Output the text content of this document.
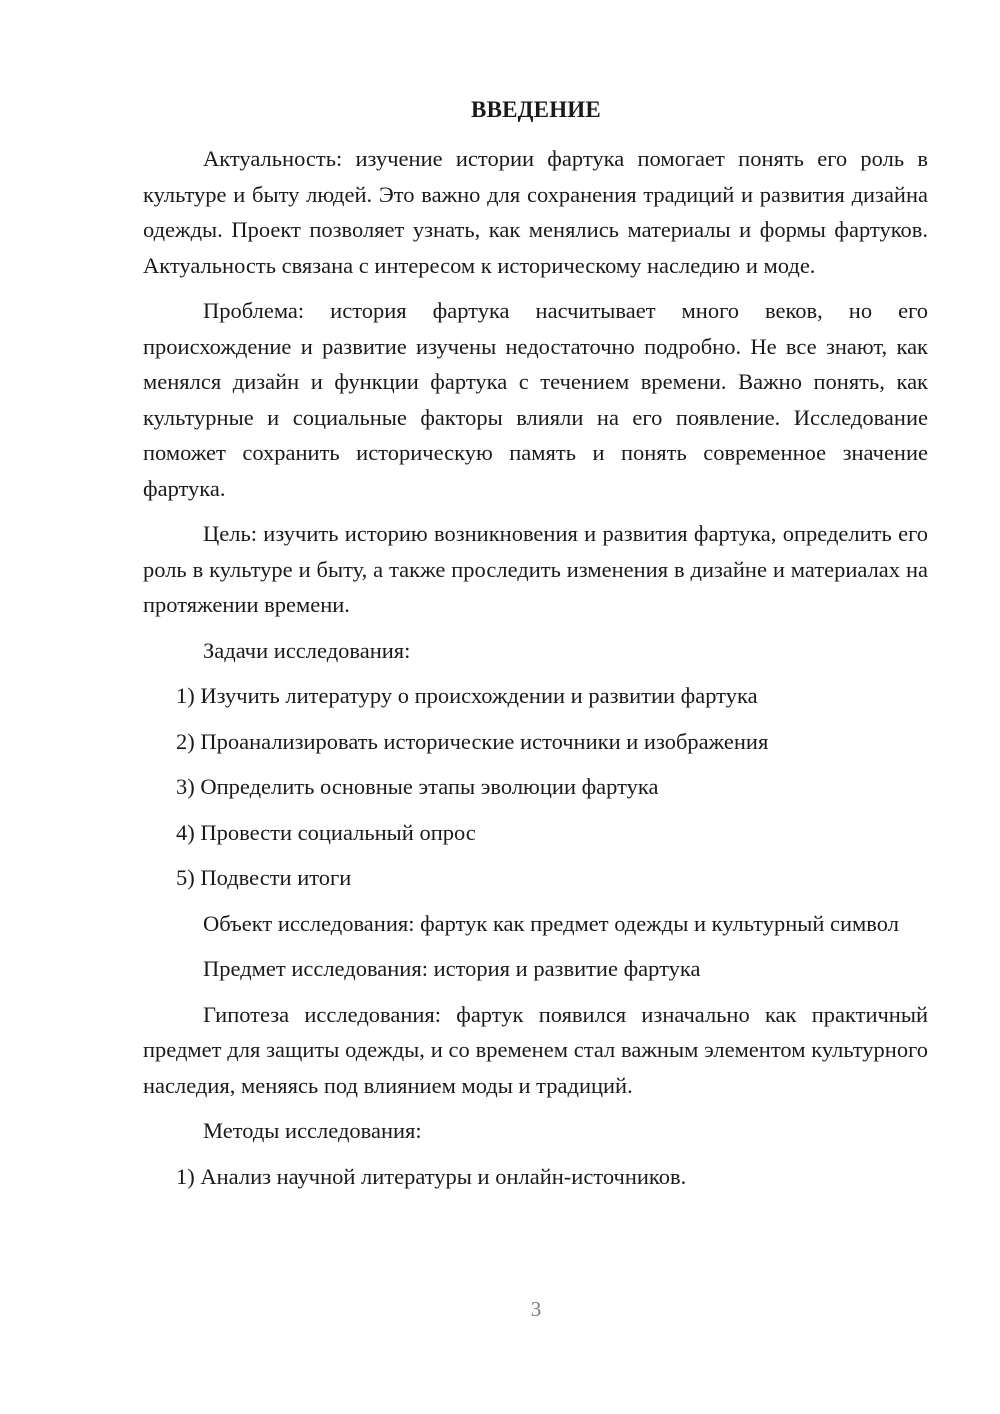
ВВЕДЕНИЕ

Актуальность: изучение истории фартука помогает понять его роль в культуре и быту людей. Это важно для сохранения традиций и развития дизайна одежды. Проект позволяет узнать, как менялись материалы и формы фартуков. Актуальность связана с интересом к историческому наследию и моде.

Проблема: история фартука насчитывает много веков, но его происхождение и развитие изучены недостаточно подробно. Не все знают, как менялся дизайн и функции фартука с течением времени. Важно понять, как культурные и социальные факторы влияли на его появление. Исследование поможет сохранить историческую память и понять современное значение фартука.

Цель: изучить историю возникновения и развития фартука, определить его роль в культуре и быту, а также проследить изменения в дизайне и материалах на протяжении времени.

Задачи исследования:

1) Изучить литературу о происхождении и развитии фартука
2) Проанализировать исторические источники и изображения
3) Определить основные этапы эволюции фартука
4) Провести социальный опрос
5) Подвести итоги

Объект исследования: фартук как предмет одежды и культурный символ

Предмет исследования: история и развитие фартука

Гипотеза исследования: фартук появился изначально как практичный предмет для защиты одежды, и со временем стал важным элементом культурного наследия, меняясь под влиянием моды и традиций.

Методы исследования:

1) Анализ научной литературы и онлайн-источников.
3
